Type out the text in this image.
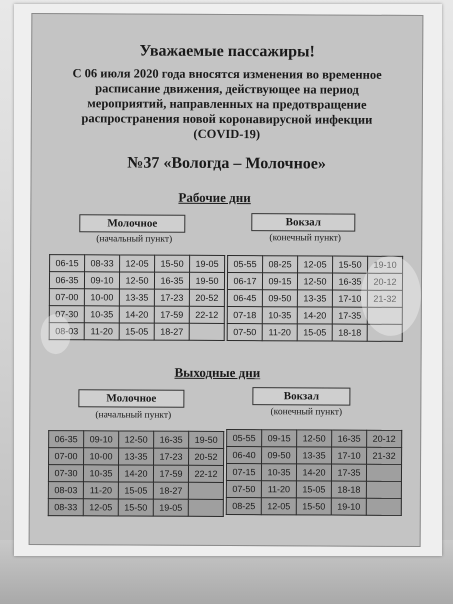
Уважаемые пассажиры!
С 06 июля 2020 года вносятся изменения во временное
расписание движения, действующее на период
мероприятий, направленных на предотвращение
распространения новой коронавирусной инфекции
(COVID-19)
№37 «Вологда – Молочное»
Рабочие дни
Молочное
(начальный пункт)
06-15	08-33	12-05	15-50	19-05
06-35	09-10	12-50	16-35	19-50
07-00	10-00	13-35	17-23	20-52
07-30	10-35	14-20	17-59	22-12
08-03	11-20	15-05	18-27	
Вокзал
(конечный пункт)
05-55	08-25	12-05	15-50	19-10
06-17	09-15	12-50	16-35	20-12
06-45	09-50	13-35	17-10	21-32
07-18	10-35	14-20	17-35	
07-50	11-20	15-05	18-18	
Выходные дни
Молочное
(начальный пункт)
06-35	09-10	12-50	16-35	19-50
07-00	10-00	13-35	17-23	20-52
07-30	10-35	14-20	17-59	22-12
08-03	11-20	15-05	18-27	
08-33	12-05	15-50	19-05	
Вокзал
(конечный пункт)
05-55	09-15	12-50	16-35	20-12
06-40	09-50	13-35	17-10	21-32
07-15	10-35	14-20	17-35	
07-50	11-20	15-05	18-18	
08-25	12-05	15-50	19-10	
